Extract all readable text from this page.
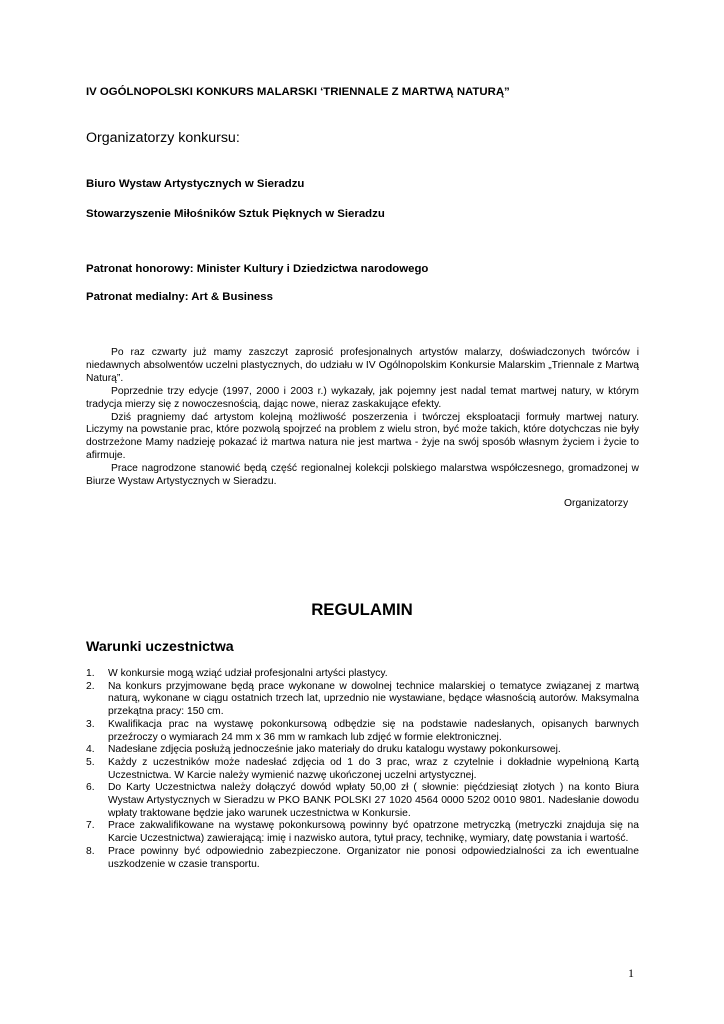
IV OGÓLNOPOLSKI KONKURS MALARSKI ‘TRIENNALE Z MARTWĄ NATURĄ”
Organizatorzy konkursu:
Biuro Wystaw Artystycznych w Sieradzu
Stowarzyszenie Miłośników Sztuk Pięknych w Sieradzu
Patronat honorowy: Minister Kultury i Dziedzictwa narodowego
Patronat medialny: Art & Business

Po raz czwarty już mamy zaszczyt zaprosić profesjonalnych artystów malarzy, doświadczonych twórców i niedawnych absolwentów uczelni plastycznych, do udziału w IV Ogólnopolskim Konkursie Malarskim „Triennale z Martwą Naturą”.

Poprzednie trzy edycje (1997, 2000 i 2003 r.) wykazały, jak pojemny jest nadal temat martwej natury, w którym tradycja mierzy się z nowoczesnością, dając nowe, nieraz zaskakujące efekty.

Dziś pragniemy dać artystom kolejną możliwość poszerzenia i twórczej eksploatacji formuły martwej natury. Liczymy na powstanie prac, które pozwolą spojrzeć na problem z wielu stron, być może takich, które dotychczas nie były dostrzeżone Mamy nadzieję pokazać iż martwa natura nie jest martwa - żyje na swój sposób własnym życiem i życie to afirmuje.

Prace nagrodzone stanowić będą część regionalnej kolekcji polskiego malarstwa współczesnego, gromadzonej w Biurze Wystaw Artystycznych w Sieradzu.

Organizatorzy
REGULAMIN
Warunki uczestnictwa
1. W konkursie mogą wziąć udział profesjonalni artyści plastycy.
2. Na konkurs przyjmowane będą prace wykonane w dowolnej technice malarskiej o tematyce związanej z martwą naturą, wykonane w ciągu ostatnich trzech lat, uprzednio nie wystawiane, będące własnością autorów. Maksymalna przekątna pracy: 150 cm.
3. Kwalifikacja prac na wystawę pokonkursową odbędzie się na podstawie nadesłanych, opisanych barwnych przeźroczy o wymiarach 24 mm x 36 mm w ramkach lub zdjęć w formie elektronicznej.
4. Nadesłane zdjęcia posłużą jednocześnie jako materiały do druku katalogu wystawy pokonkursowej.
5. Każdy z uczestników może nadesłać zdjęcia od 1 do 3 prac, wraz z czytelnie i dokładnie wypełnioną Kartą Uczestnictwa. W Karcie należy wymienić nazwę ukończonej uczelni artystycznej.
6. Do Karty Uczestnictwa należy dołączyć dowód wpłaty 50,00 zł ( słownie: pięćdziesiąt złotych ) na konto Biura Wystaw Artystycznych w Sieradzu w PKO BANK POLSKI 27 1020 4564 0000 5202 0010 9801. Nadesłanie dowodu wpłaty traktowane będzie jako warunek uczestnictwa w Konkursie.
7. Prace zakwalifikowane na wystawę pokonkursową powinny być opatrzone metryczką (metryczki znajduja się na Karcie Uczestnictwa) zawierającą: imię i nazwisko autora, tytuł pracy, technikę, wymiary, datę powstania i wartość.
8. Prace powinny być odpowiednio zabezpieczone. Organizator nie ponosi odpowiedzialności za ich ewentualne uszkodzenie w czasie transportu.
1
